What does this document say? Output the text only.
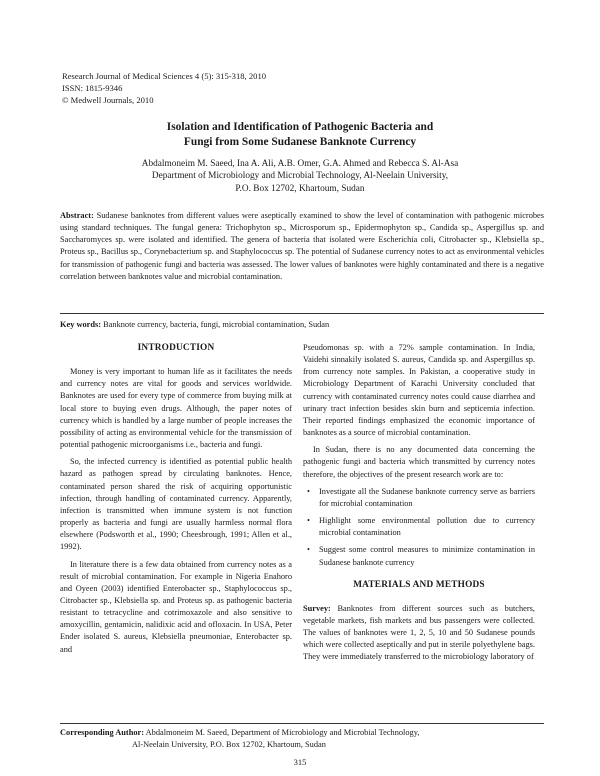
Research Journal of Medical Sciences 4 (5): 315-318, 2010
ISSN: 1815-9346
© Medwell Journals, 2010
Isolation and Identification of Pathogenic Bacteria and
Fungi from Some Sudanese Banknote Currency
Abdalmoneim M. Saeed, Ina A. Ali, A.B. Omer, G.A. Ahmed and Rebecca S. Al-Asa
Department of Microbiology and Microbial Technology, Al-Neelain University,
P.O. Box 12702, Khartoum, Sudan
Abstract: Sudanese banknotes from different values were aseptically examined to show the level of contamination with pathogenic microbes using standard techniques. The fungal genera: Trichophyton sp., Microsporum sp., Epidermophyton sp., Candida sp., Aspergillus sp. and Saccharomyces sp. were isolated and identified. The genera of bacteria that isolated were Escherichia coli, Citrobacter sp., Klebsiella sp., Proteus sp., Bacillus sp., Corynebacterium sp. and Staphylococcus sp. The potential of Sudanese currency notes to act as environmental vehicles for transmission of pathogenic fungi and bacteria was assessed. The lower values of banknotes were highly contaminated and there is a negative correlation between banknotes value and microbial contamination.
Key words: Banknote currency, bacteria, fungi, microbial contamination, Sudan
INTRODUCTION

Money is very important to human life as it facilitates the needs and currency notes are vital for goods and services worldwide. Banknotes are used for every type of commerce from buying milk at local store to buying even drugs. Although, the paper notes of currency which is handled by a large number of people increases the possibility of acting as environmental vehicle for the transmission of potential pathogenic microorganisms i.e., bacteria and fungi.

So, the infected currency is identified as potential public health hazard as pathogen spread by circulating banknotes. Hence, contaminated person shared the risk of acquiring opportunistic infection, through handling of contaminated currency. Apparently, infection is transmitted when immune system is not function properly as bacteria and fungi are usually harmless normal flora elsewhere (Podsworth et al., 1990; Cheesbrough, 1991; Allen et al., 1992).

In literature there is a few data obtained from currency notes as a result of microbial contamination. For example in Nigeria Enahoro and Oyeen (2003) identified Enterobacter sp., Staphylococcus sp., Citrobacter sp., Klebsiella sp. and Proteus sp. as pathogenic bacteria resistant to tetracycline and cotrimoxazole and also sensitive to amoxycillin, gentamicin, nalidixic acid and ofloxacin. In USA, Peter Ender isolated S. aureus, Klebsiella pneumoniae, Enterobacter sp. and

Pseudomonas sp. with a 72% sample contamination. In India, Vaidehi sinnakily isolated S. aureus, Candida sp. and Aspergillus sp. from currency note samples. In Pakistan, a cooperative study in Microbiology Department of Karachi University concluded that currency with contaminated currency notes could cause diarrhea and urinary tract infection besides skin burn and septicemia infection. Their reported findings emphasized the economic importance of banknotes as a source of microbial contamination.

In Sudan, there is no any documented data concerning the pathogenic fungi and bacteria which transmitted by currency notes therefore, the objectives of the present research work are to:

• Investigate all the Sudanese banknote currency serve as barriers for microbial contamination
• Highlight some environmental pollution due to currency microbial contamination
• Suggest some control measures to minimize contamination in Sudanese banknote currency
MATERIALS AND METHODS

Survey: Banknotes from different sources such as butchers, vegetable markets, fish markets and bus passengers were collected. The values of banknotes were 1, 2, 5, 10 and 50 Sudanese pounds which were collected aseptically and put in sterile polyethylene bags. They were immediately transferred to the microbiology laboratory of

Corresponding Author: Abdalmoneim M. Saeed, Department of Microbiology and Microbial Technology,
Al-Neelain University, P.O. Box 12702, Khartoum, Sudan
315
